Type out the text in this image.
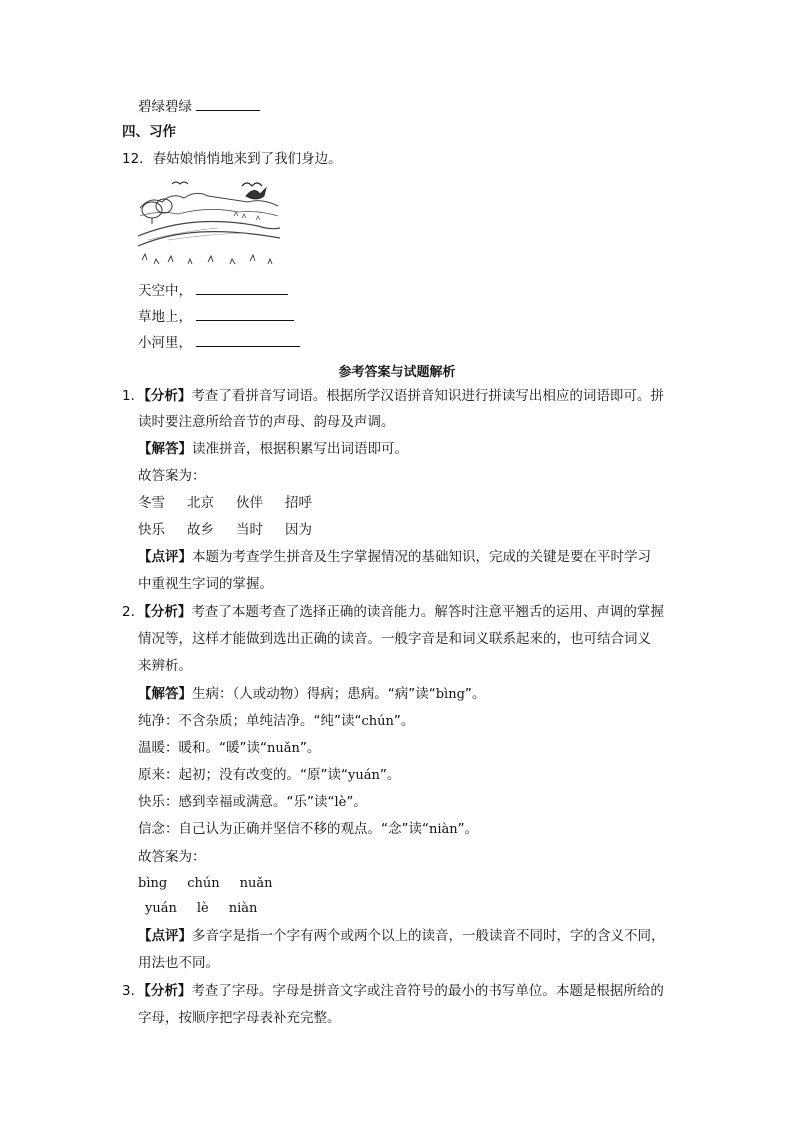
碧绿碧绿
四、习作
12．春姑娘悄悄地来到了我们身边。
天空中，
草地上，
小河里，
参考答案与试题解析
1．【分析】考查了看拼音写词语。根据所学汉语拼音知识进行拼读写出相应的词语即可。拼
读时要注意所给音节的声母、韵母及声调。
【解答】读准拼音，根据积累写出词语即可。
故答案为：
冬雪 北京 伙伴 招呼
快乐 故乡 当时 因为
【点评】本题为考查学生拼音及生字掌握情况的基础知识，完成的关键是要在平时学习
中重视生字词的掌握。
2．【分析】考查了本题考查了选择正确的读音能力。解答时注意平翘舌的运用、声调的掌握
情况等，这样才能做到选出正确的读音。一般字音是和词义联系起来的，也可结合词义
来辨析。
【解答】生病：（人或动物）得病；患病。“病”读“bìng”。
纯净：不含杂质；单纯洁净。“纯”读“chún”。
温暖：暖和。“暖”读“nuǎn”。
原来：起初；没有改变的。“原”读“yuán”。
快乐：感到幸福或满意。“乐”读“lè”。
信念：自己认为正确并坚信不移的观点。“念”读“niàn”。
故答案为：
bìng chún nuǎn
yuán lè niàn
【点评】多音字是指一个字有两个或两个以上的读音，一般读音不同时，字的含义不同，
用法也不同。
3．【分析】考查了字母。字母是拼音文字或注音符号的最小的书写单位。本题是根据所给的
字母，按顺序把字母表补充完整。
